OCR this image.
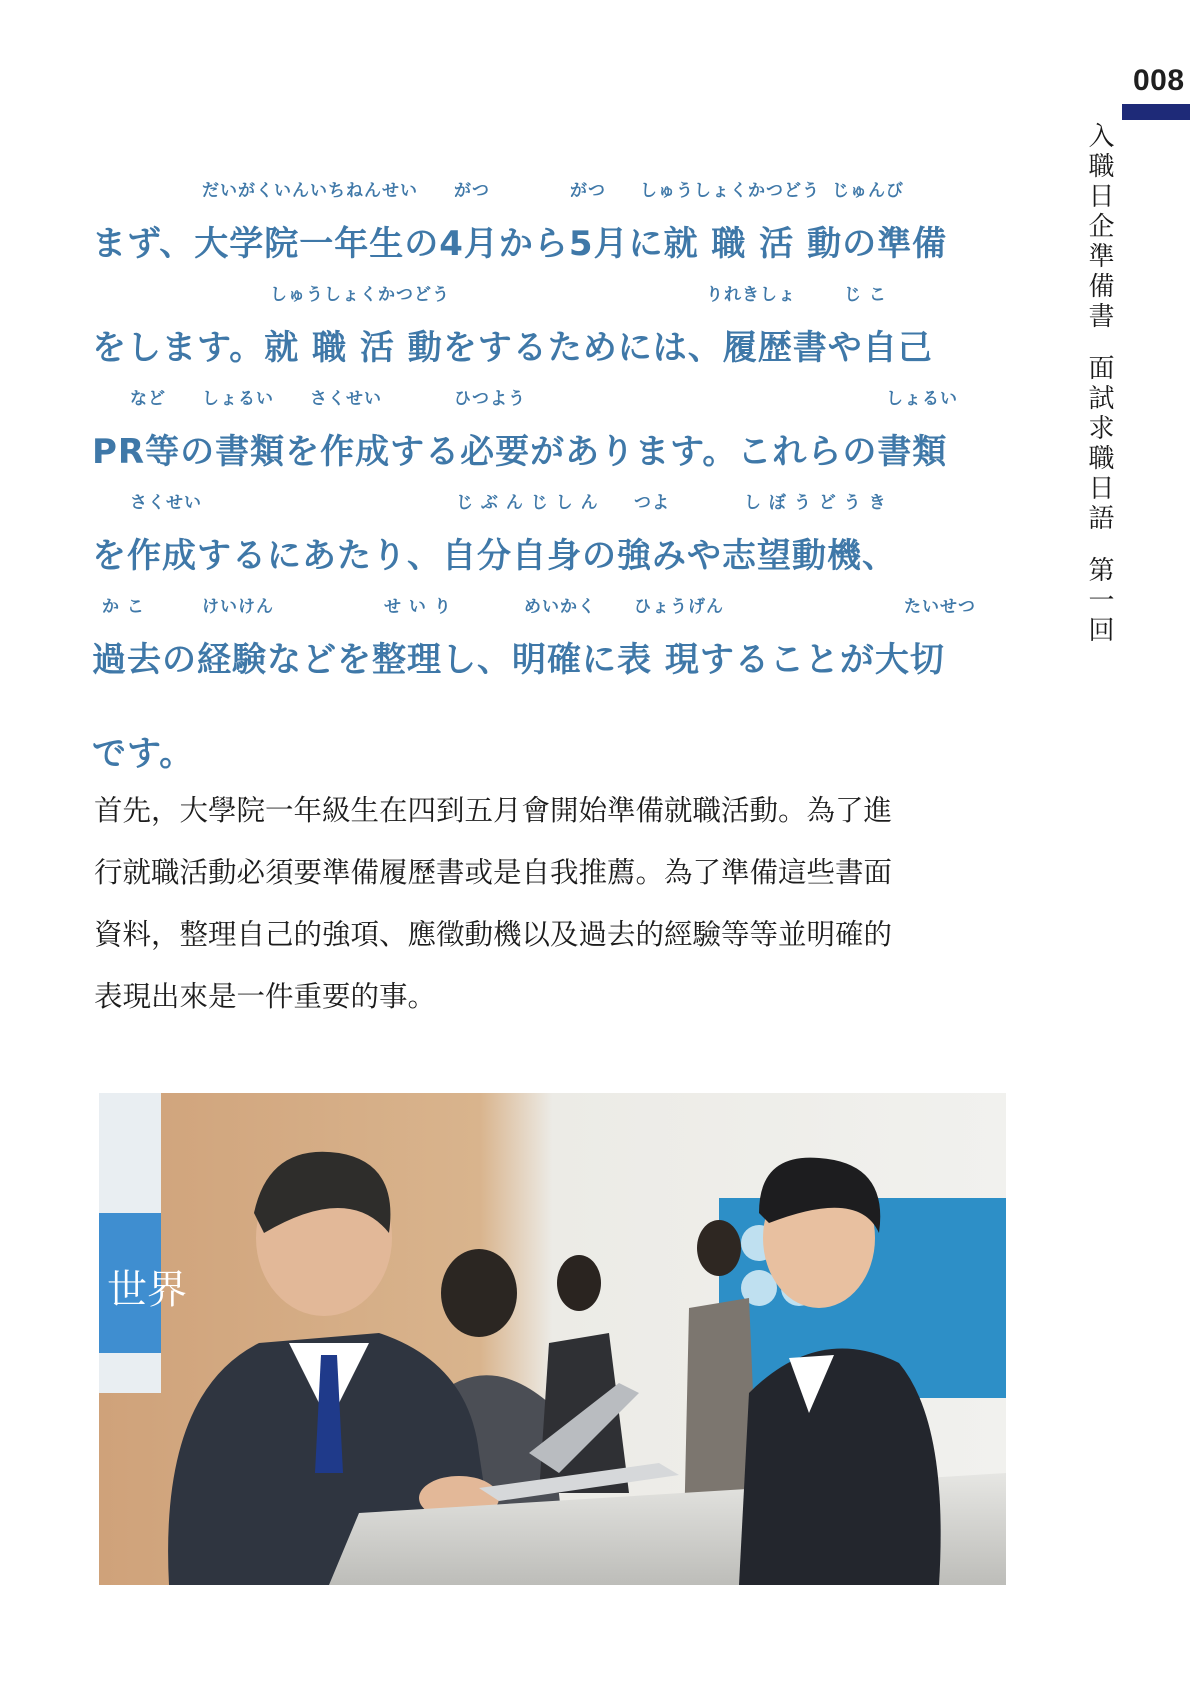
008
入職日企準備書面試求職日語第一回
だいがくいんいちねんせい がつ	がつ しゅうしょくかつどう じゅんび
まず、大学院一年生の4月から5月に就 職 活 動の準備
しゅうしょくかつどう	りれきしょ	じ こ
をします。就 職 活 動をするためには、履歴書や自己
など しょるい さくせい	ひつよう	しょるい
PR等の書類を作成する必要があります。これらの書類
さくせい	じ ぶ ん じ し ん つよ	し ぼ う ど う き
を作成するにあたり、自分自身の強みや志望動機、
か こ	けいけん	せ い り	めいかく ひょうげん	たいせつ
過去の経験などを整理し、明確に表 現することが大切
です。
首先，大學院一年級生在四到五月會開始準備就職活動。為了進
行就職活動必須要準備履歷書或是自我推薦。為了準備這些書面
資料，整理自己的強項、應徵動機以及過去的經驗等等並明確的
表現出來是一件重要的事。
世界
